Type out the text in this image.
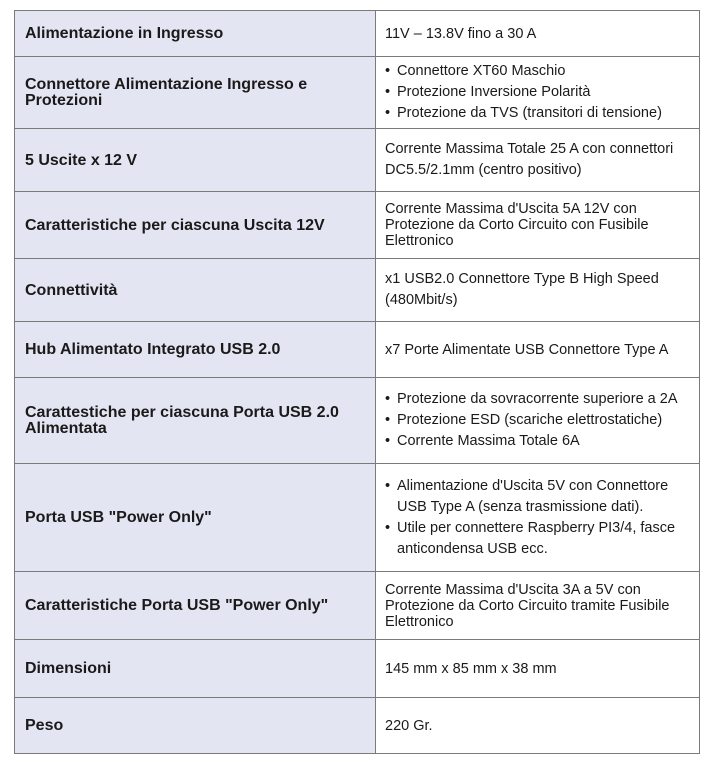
Alimentazione in Ingresso	11V – 13.8V fino a 30 A

Connettore Alimentazione Ingresso e Protezioni	• Connettore XT60 Maschio
• Protezione Inversione Polarità
• Protezione da TVS (transitori di tensione)

5 Uscite x 12 V	Corrente Massima Totale 25 A con connettori
DC5.5/2.1mm (centro positivo)

Caratteristiche per ciascuna Uscita 12V	Corrente Massima d'Uscita 5A 12V con
Protezione da Corto Circuito con Fusibile
Elettronico

Connettività	x1 USB2.0 Connettore Type B High Speed
(480Mbit/s)

Hub Alimentato Integrato USB 2.0	x7 Porte Alimentate USB Connettore Type A

Carattestiche per ciascuna Porta USB 2.0 Alimentata	• Protezione da sovracorrente superiore a 2A
• Protezione ESD (scariche elettrostatiche)
• Corrente Massima Totale 6A

Porta USB "Power Only"	• Alimentazione d'Uscita 5V con Connettore USB Type A (senza trasmissione dati).
• Utile per connettere Raspberry PI3/4, fasce anticondensa USB ecc.

Caratteristiche Porta USB "Power Only"	Corrente Massima d'Uscita 3A a 5V con
Protezione da Corto Circuito tramite Fusibile
Elettronico

Dimensioni	145 mm x 85 mm x 38 mm

Peso	220 Gr.
